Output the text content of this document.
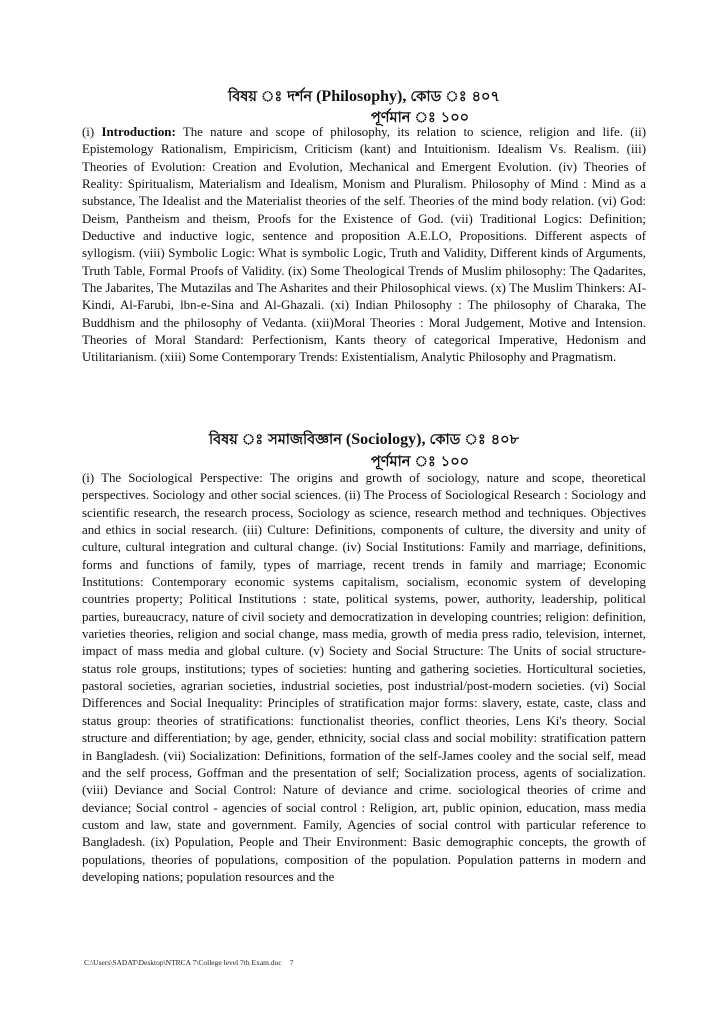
বিষয় ঃ দর্শন (Philosophy), কোড ঃ ৪০৭
পূর্ণমান ঃ ১০০

(i) Introduction: The nature and scope of philosophy, its relation to science, religion and life. (ii) Epistemology Rationalism, Empiricism, Criticism (kant) and Intuitionism. Idealism Vs. Realism. (iii) Theories of Evolution: Creation and Evolution, Mechanical and Emergent Evolution. (iv) Theories of Reality: Spiritualism, Materialism and Idealism, Monism and Pluralism. Philosophy of Mind : Mind as a substance, The Idealist and the Materialist theories of the self. Theories of the mind body relation. (vi) God: Deism, Pantheism and theism, Proofs for the Existence of God. (vii) Traditional Logics: Definition; Deductive and inductive logic, sentence and proposition A.E.LO, Propositions. Different aspects of syllogism. (viii) Symbolic Logic: What is symbolic Logic, Truth and Validity, Different kinds of Arguments, Truth Table, Formal Proofs of Validity. (ix) Some Theological Trends of Muslim philosophy: The Qadarites, The Jabarites, The Mutazilas and The Asharites and their Philosophical views. (x) The Muslim Thinkers: AI-Kindi, Al-Farubi, lbn-e-Sina and Al-Ghazali. (xi) Indian Philosophy : The philosophy of Charaka, The Buddhism and the philosophy of Vedanta. (xii)Moral Theories : Moral Judgement, Motive and Intension. Theories of Moral Standard: Perfectionism, Kants theory of categorical Imperative, Hedonism and Utilitarianism. (xiii) Some Contemporary Trends: Existentialism, Analytic Philosophy and Pragmatism.

বিষয় ঃ সমাজবিজ্ঞান (Sociology), কোড ঃ ৪০৮
পূর্ণমান ঃ ১০০

(i) The Sociological Perspective: The origins and growth of sociology, nature and scope, theoretical perspectives. Sociology and other social sciences. (ii) The Process of Sociological Research : Sociology and scientific research, the research process, Sociology as science, research method and techniques. Objectives and ethics in social research. (iii) Culture: Definitions, components of culture, the diversity and unity of culture, cultural integration and cultural change. (iv) Social Institutions: Family and marriage, definitions, forms and functions of family, types of marriage, recent trends in family and marriage; Economic Institutions: Contemporary economic systems capitalism, socialism, economic system of developing countries property; Political Institutions : state, political systems, power, authority, leadership, political parties, bureaucracy, nature of civil society and democratization in developing countries; religion: definition, varieties theories, religion and social change, mass media, growth of media press radio, television, internet, impact of mass media and global culture. (v) Society and Social Structure: The Units of social structure-status role groups, institutions; types of societies: hunting and gathering societies. Horticultural societies, pastoral societies, agrarian societies, industrial societies, post industrial/post-modern societies. (vi) Social Differences and Social Inequality: Principles of stratification major forms: slavery, estate, caste, class and status group: theories of stratifications: functionalist theories, conflict theories, Lens Ki's theory. Social structure and differentiation; by age, gender, ethnicity, social class and social mobility: stratification pattern in Bangladesh. (vii) Socialization: Definitions, formation of the self-James cooley and the social self, mead and the self process, Goffman and the presentation of self; Socialization process, agents of socialization. (viii) Deviance and Social Control: Nature of deviance and crime. sociological theories of crime and deviance; Social control - agencies of social control : Religion, art, public opinion, education, mass media custom and law, state and government. Family, Agencies of social control with particular reference to Bangladesh. (ix) Population, People and Their Environment: Basic demographic concepts, the growth of populations, theories of populations, composition of the population. Population patterns in modern and developing nations; population resources and the

C:\Users\SADAT\Desktop\NTRCA 7\College level 7th Exam.doc 7
